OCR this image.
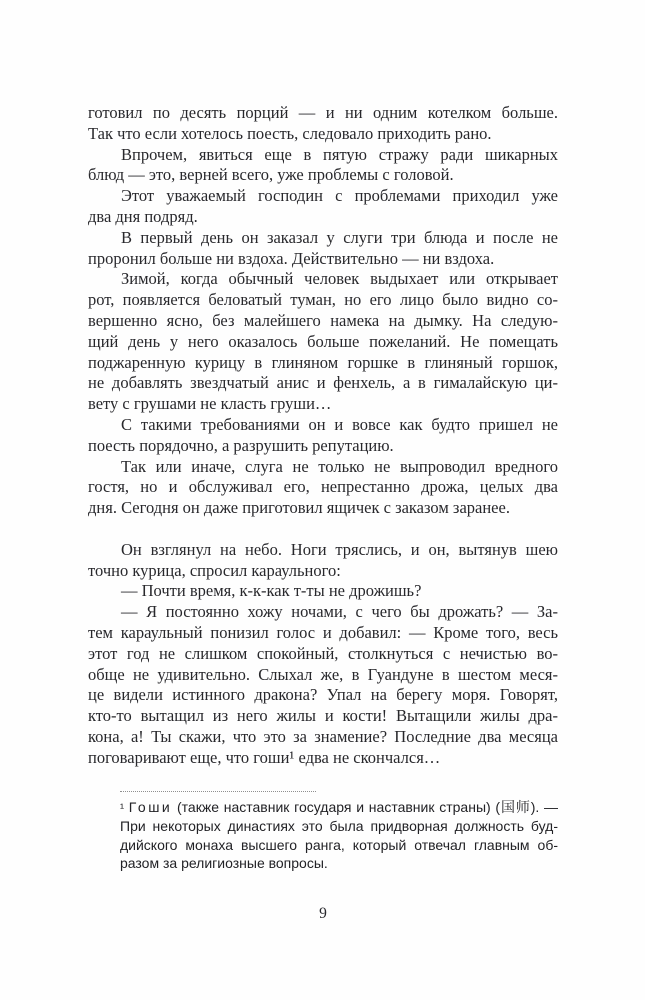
готовил по десять порций — и ни одним котелком больше.
Так что если хотелось поесть, следовало приходить рано.
Впрочем, явиться еще в пятую стражу ради шикарных
блюд — это, верней всего, уже проблемы с головой.
Этот уважаемый господин с проблемами приходил уже
два дня подряд.
В первый день он заказал у слуги три блюда и после не
проронил больше ни вздоха. Действительно — ни вздоха.
Зимой, когда обычный человек выдыхает или открывает
рот, появляется беловатый туман, но его лицо было видно со-
вершенно ясно, без малейшего намека на дымку. На следую-
щий день у него оказалось больше пожеланий. Не помещать
поджаренную курицу в глиняном горшке в глиняный горшок,
не добавлять звездчатый анис и фенхель, а в гималайскую ци-
вету с грушами не класть груши…
С такими требованиями он и вовсе как будто пришел не
поесть порядочно, а разрушить репутацию.
Так или иначе, слуга не только не выпроводил вредного
гостя, но и обслуживал его, непрестанно дрожа, целых два
дня. Сегодня он даже приготовил ящичек с заказом заранее.
Он взглянул на небо. Ноги тряслись, и он, вытянув шею
точно курица, спросил караульного:
— Почти время, к-к-как т-ты не дрожишь?
— Я постоянно хожу ночами, с чего бы дрожать? — За-
тем караульный понизил голос и добавил: — Кроме того, весь
этот год не слишком спокойный, столкнуться с нечистью во-
обще не удивительно. Слыхал же, в Гуандуне в шестом меся-
це видели истинного дракона? Упал на берегу моря. Говорят,
кто-то вытащил из него жилы и кости! Вытащили жилы дра-
кона, а! Ты скажи, что это за знамение? Последние два месяца
поговаривают еще, что гоши¹ едва не скончался…
¹ Гоши (также наставник государя и наставник страны) (国师). —
При некоторых династиях это была придворная должность буд-
дийского монаха высшего ранга, который отвечал главным об-
разом за религиозные вопросы.
9
